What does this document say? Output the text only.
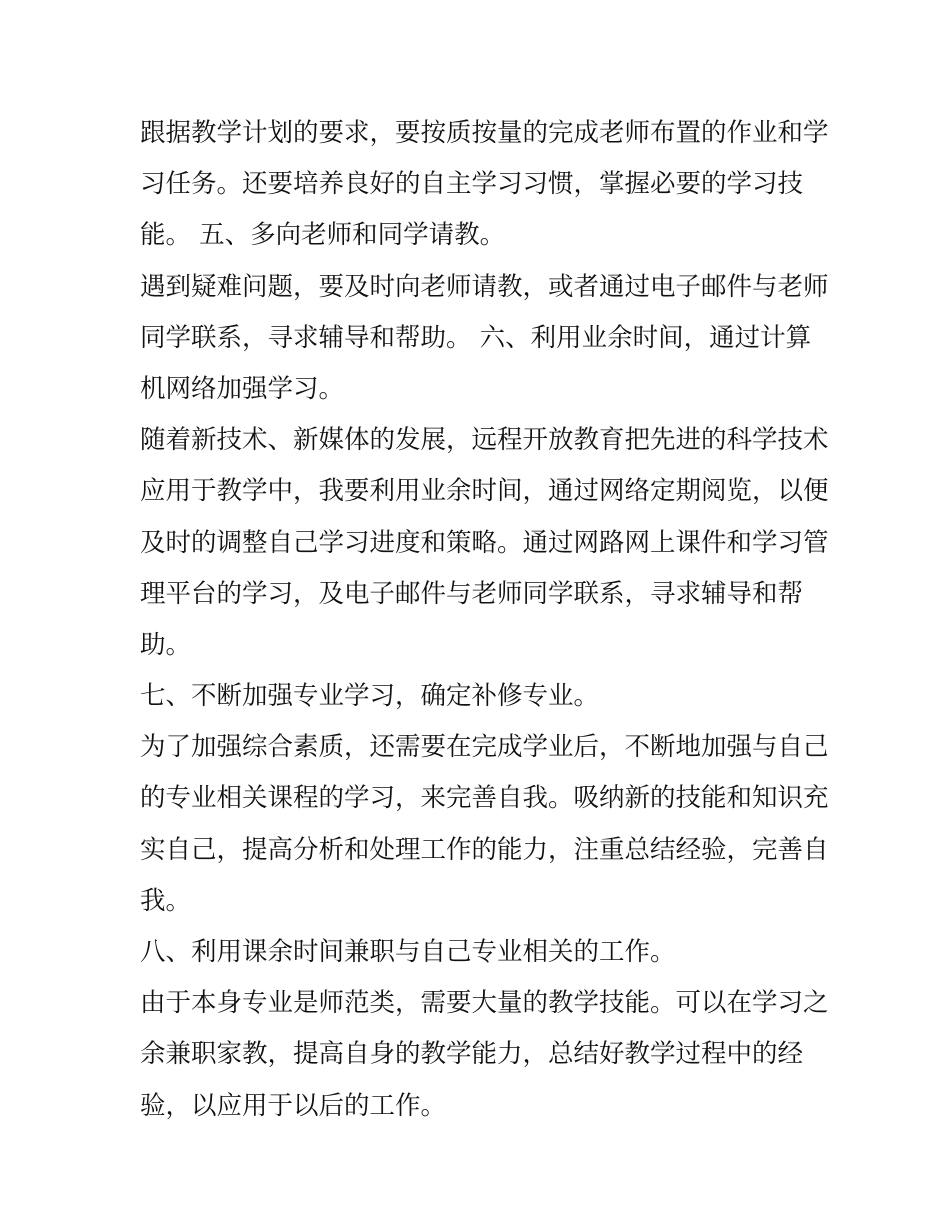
跟据教学计划的要求，要按质按量的完成老师布置的作业和学
习任务。还要培养良好的自主学习习惯，掌握必要的学习技
能。 五、多向老师和同学请教。
遇到疑难问题，要及时向老师请教，或者通过电子邮件与老师
同学联系，寻求辅导和帮助。 六、利用业余时间，通过计算
机网络加强学习。
随着新技术、新媒体的发展，远程开放教育把先进的科学技术
应用于教学中，我要利用业余时间，通过网络定期阅览，以便
及时的调整自己学习进度和策略。通过网路网上课件和学习管
理平台的学习，及电子邮件与老师同学联系，寻求辅导和帮
助。
七、不断加强专业学习，确定补修专业。
为了加强综合素质，还需要在完成学业后，不断地加强与自己
的专业相关课程的学习，来完善自我。吸纳新的技能和知识充
实自己，提高分析和处理工作的能力，注重总结经验，完善自
我。
八、利用课余时间兼职与自己专业相关的工作。
由于本身专业是师范类，需要大量的教学技能。可以在学习之
余兼职家教，提高自身的教学能力，总结好教学过程中的经
验，以应用于以后的工作。
